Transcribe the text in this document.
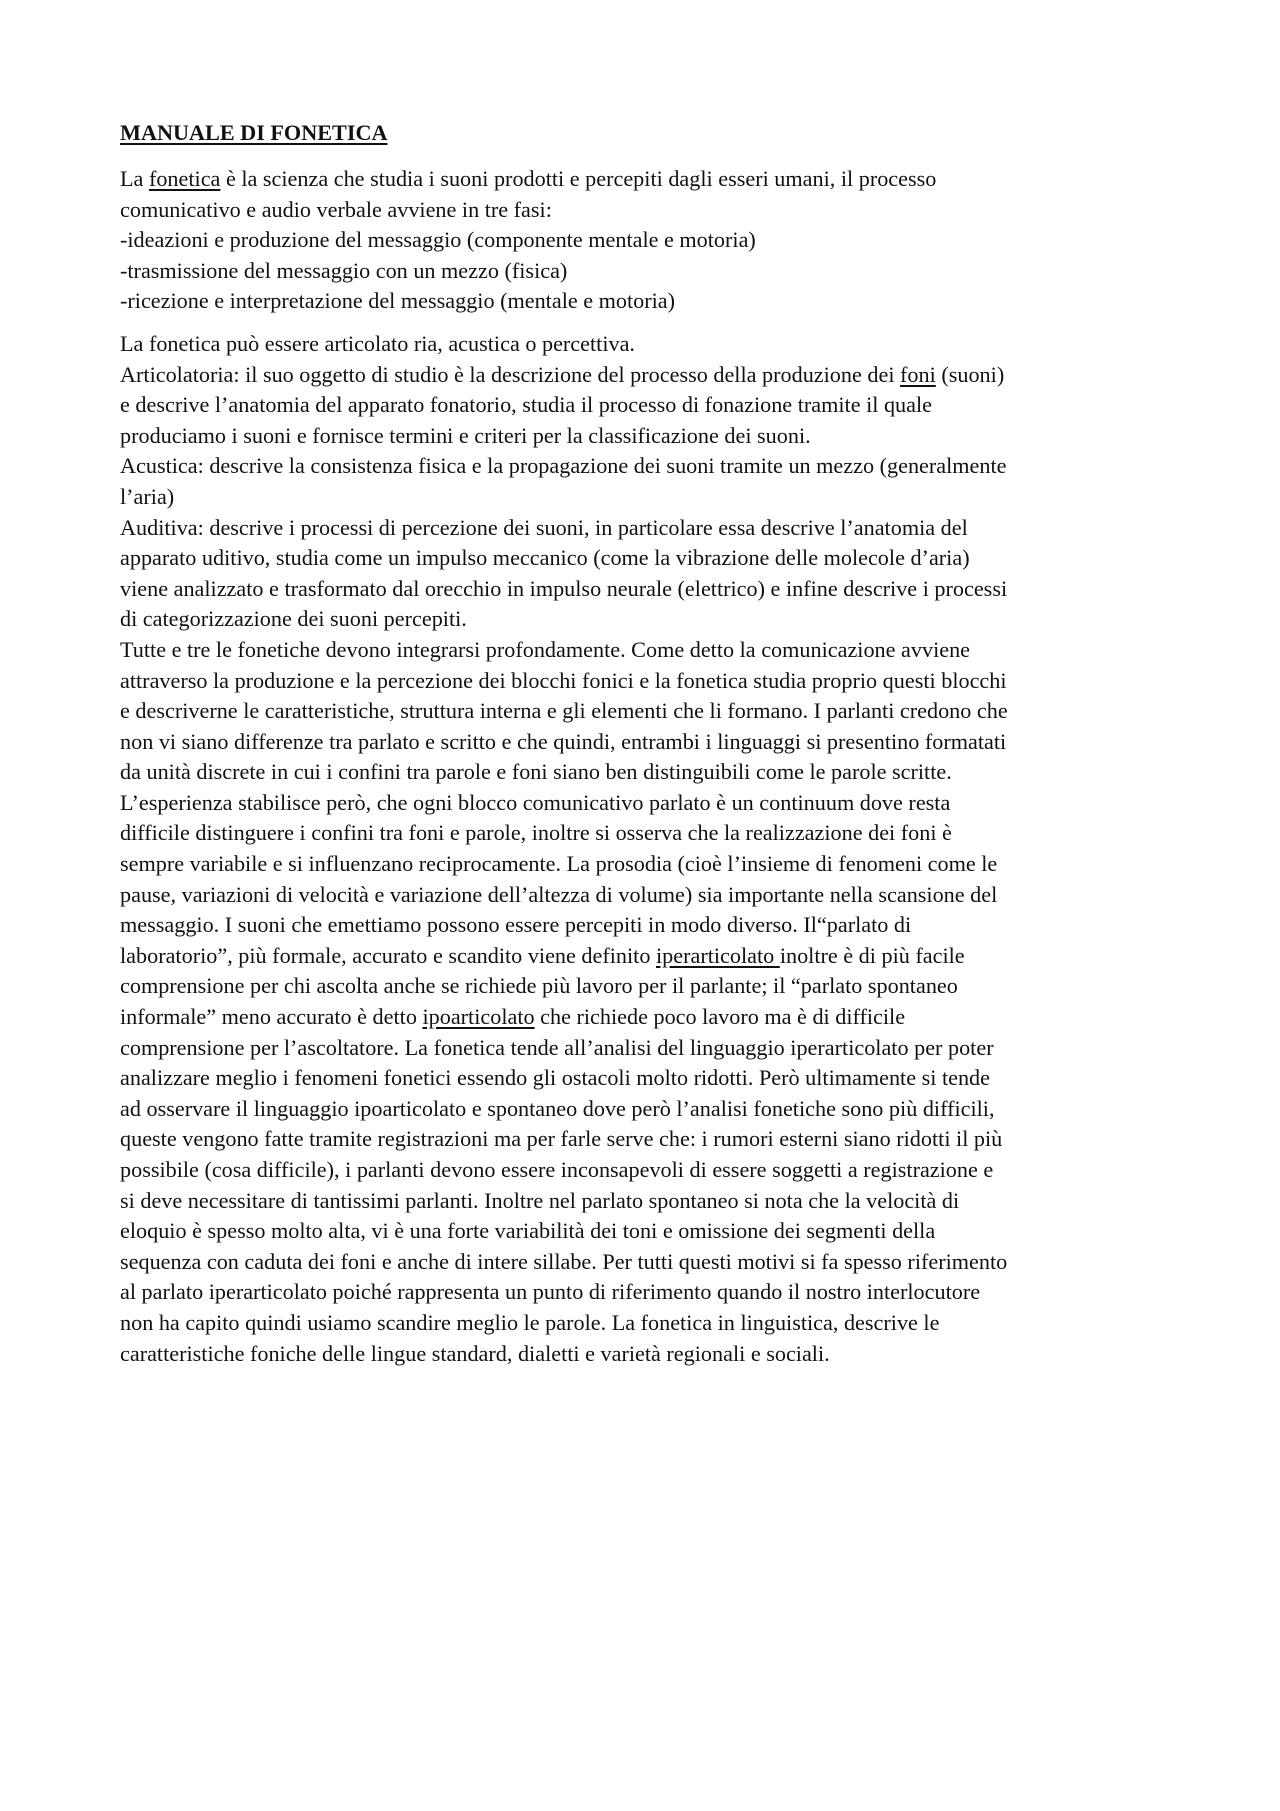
MANUALE DI FONETICA
La fonetica è la scienza che studia i suoni prodotti e percepiti dagli esseri umani, il processo
comunicativo e audio verbale avviene in tre fasi:
-ideazioni e produzione del messaggio (componente mentale e motoria)
-trasmissione del messaggio con un mezzo (fisica)
-ricezione e interpretazione del messaggio (mentale e motoria)
La fonetica può essere articolato ria, acustica o percettiva.
Articolatoria: il suo oggetto di studio è la descrizione del processo della produzione dei foni (suoni)
e descrive l’anatomia del apparato fonatorio, studia il processo di fonazione tramite il quale
produciamo i suoni e fornisce termini e criteri per la classificazione dei suoni.
Acustica: descrive la consistenza fisica e la propagazione dei suoni tramite un mezzo (generalmente
l’aria)
Auditiva: descrive i processi di percezione dei suoni, in particolare essa descrive l’anatomia del
apparato uditivo, studia come un impulso meccanico (come la vibrazione delle molecole d’aria)
viene analizzato e trasformato dal orecchio in impulso neurale (elettrico) e infine descrive i processi
di categorizzazione dei suoni percepiti.
Tutte e tre le fonetiche devono integrarsi profondamente. Come detto la comunicazione avviene
attraverso la produzione e la percezione dei blocchi fonici e la fonetica studia proprio questi blocchi
e descriverne le caratteristiche, struttura interna e gli elementi che li formano. I parlanti credono che
non vi siano differenze tra parlato e scritto e che quindi, entrambi i linguaggi si presentino formatati
da unità discrete in cui i confini tra parole e foni siano ben distinguibili come le parole scritte.
L’esperienza stabilisce però, che ogni blocco comunicativo parlato è un continuum dove resta
difficile distinguere i confini tra foni e parole, inoltre si osserva che la realizzazione dei foni è
sempre variabile e si influenzano reciprocamente. La prosodia (cioè l’insieme di fenomeni come le
pause, variazioni di velocità e variazione dell’altezza di volume) sia importante nella scansione del
messaggio. I suoni che emettiamo possono essere percepiti in modo diverso. Il“parlato di
laboratorio”, più formale, accurato e scandito viene definito iperarticolato inoltre è di più facile
comprensione per chi ascolta anche se richiede più lavoro per il parlante; il “parlato spontaneo
informale” meno accurato è detto ipoarticolato che richiede poco lavoro ma è di difficile
comprensione per l’ascoltatore. La fonetica tende all’analisi del linguaggio iperarticolato per poter
analizzare meglio i fenomeni fonetici essendo gli ostacoli molto ridotti. Però ultimamente si tende
ad osservare il linguaggio ipoarticolato e spontaneo dove però l’analisi fonetiche sono più difficili,
queste vengono fatte tramite registrazioni ma per farle serve che: i rumori esterni siano ridotti il più
possibile (cosa difficile), i parlanti devono essere inconsapevoli di essere soggetti a registrazione e
si deve necessitare di tantissimi parlanti. Inoltre nel parlato spontaneo si nota che la velocità di
eloquio è spesso molto alta, vi è una forte variabilità dei toni e omissione dei segmenti della
sequenza con caduta dei foni e anche di intere sillabe. Per tutti questi motivi si fa spesso riferimento
al parlato iperarticolato poiché rappresenta un punto di riferimento quando il nostro interlocutore
non ha capito quindi usiamo scandire meglio le parole. La fonetica in linguistica, descrive le
caratteristiche foniche delle lingue standard, dialetti e varietà regionali e sociali.
